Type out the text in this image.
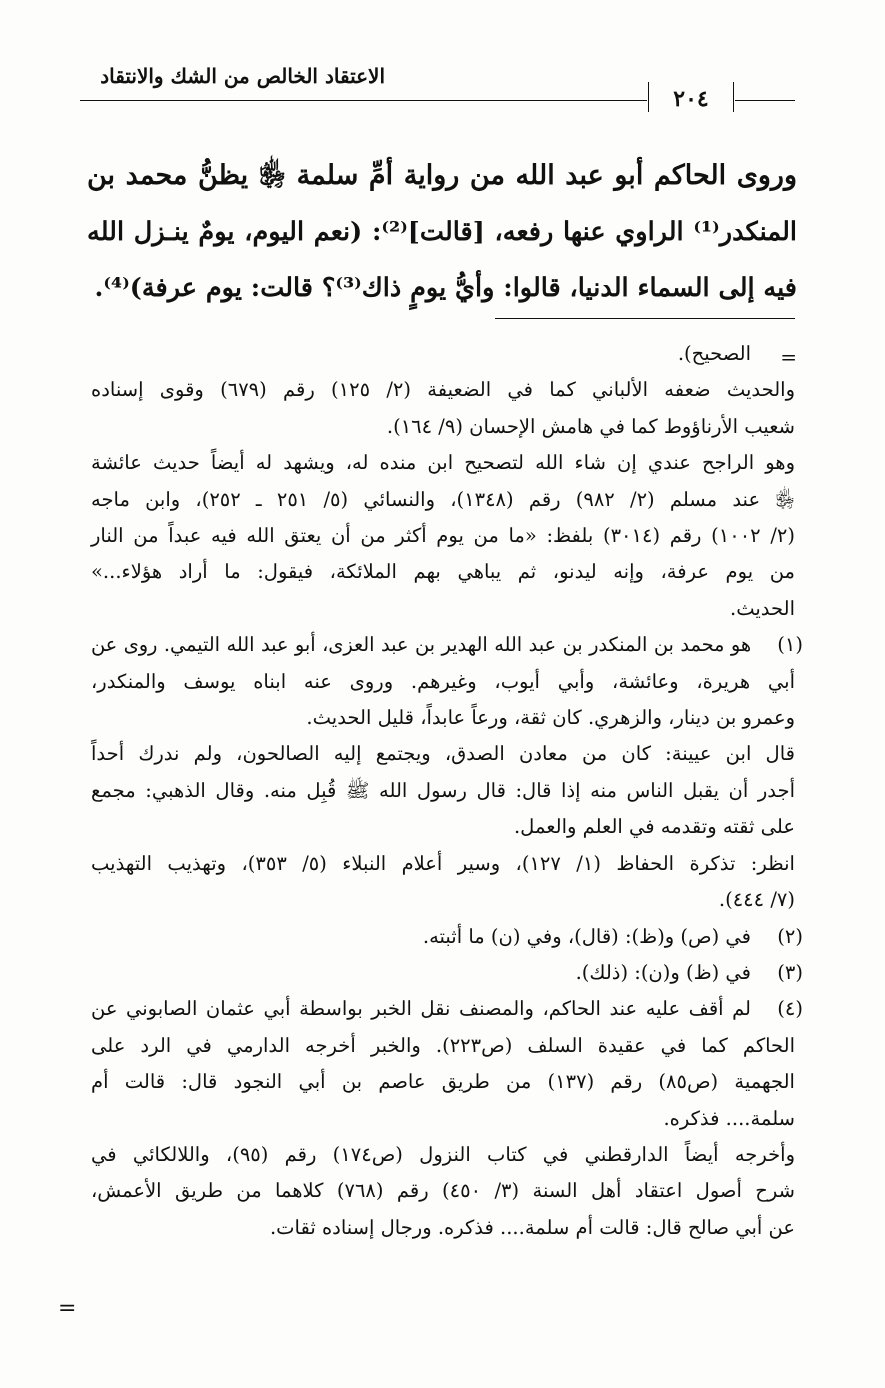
الاعتقاد الخالص من الشك والانتقاد
٢٠٤
وروى الحاكم أبو عبد الله من رواية أمِّ سلمة ﵂ يظنُّ محمد بن
المنكدر⁽¹⁾ الراوي عنها رفعه، [قالت]⁽²⁾: (نعم اليوم، يومٌ ينـزل الله
فيه إلى السماء الدنيا، قالوا: وأيُّ يومٍ ذاك⁽³⁾؟ قالت: يوم عرفة)⁽⁴⁾.
=
الصحيح).
والحديث ضعفه الألباني كما في الضعيفة (٢/ ١٢٥) رقم (٦٧٩) وقوى إسناده
شعيب الأرناؤوط كما في هامش الإحسان (٩/ ١٦٤).
وهو الراجح عندي إن شاء الله لتصحيح ابن منده له، ويشهد له أيضاً حديث عائشة
﵂ عند مسلم (٢/ ٩٨٢) رقم (١٣٤٨)، والنسائي (٥/ ٢٥١ ـ ٢٥٢)، وابن ماجه
(٢/ ١٠٠٢) رقم (٣٠١٤) بلفظ: «ما من يوم أكثر من أن يعتق الله فيه عبداً من النار
من يوم عرفة، وإنه ليدنو، ثم يباهي بهم الملائكة، فيقول: ما أراد هؤلاء...»
الحديث.
(١)
هو محمد بن المنكدر بن عبد الله الهدير بن عبد العزى، أبو عبد الله التيمي. روى عن
أبي هريرة، وعائشة، وأبي أيوب، وغيرهم. وروى عنه ابناه يوسف والمنكدر،
وعمرو بن دينار، والزهري. كان ثقة، ورعاً عابداً، قليل الحديث.
قال ابن عيينة: كان من معادن الصدق، ويجتمع إليه الصالحون، ولم ندرك أحداً
أجدر أن يقبل الناس منه إذا قال: قال رسول الله ﷺ قُبِل منه. وقال الذهبي: مجمع
على ثقته وتقدمه في العلم والعمل.
انظر: تذكرة الحفاظ (١/ ١٢٧)، وسير أعلام النبلاء (٥/ ٣٥٣)، وتهذيب التهذيب
(٧/ ٤٤٤).
(٢)
في (ص) و(ظ): (قال)، وفي (ن) ما أثبته.
(٣)
في (ظ) و(ن): (ذلك).
(٤)
لم أقف عليه عند الحاكم، والمصنف نقل الخبر بواسطة أبي عثمان الصابوني عن
الحاكم كما في عقيدة السلف (ص٢٢٣). والخبر أخرجه الدارمي في الرد على
الجهمية (ص٨٥) رقم (١٣٧) من طريق عاصم بن أبي النجود قال: قالت أم
سلمة.... فذكره.
وأخرجه أيضاً الدارقطني في كتاب النزول (ص١٧٤) رقم (٩٥)، واللالكائي في
شرح أصول اعتقاد أهل السنة (٣/ ٤٥٠) رقم (٧٦٨) كلاهما من طريق الأعمش،
عن أبي صالح قال: قالت أم سلمة.... فذكره. ورجال إسناده ثقات.
=
